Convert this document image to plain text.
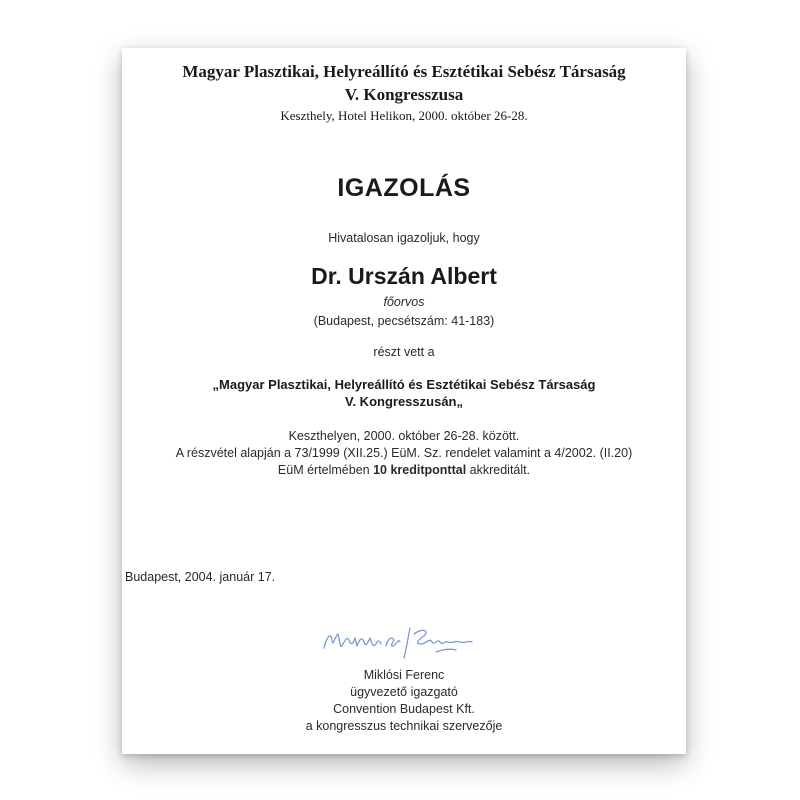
Magyar Plasztikai, Helyreállító és Esztétikai Sebész Társaság
V. Kongresszusa
Keszthely, Hotel Helikon, 2000. október 26-28.
IGAZOLÁS
Hivatalosan igazoljuk, hogy
Dr. Urszán Albert
főorvos
(Budapest, pecsétszám: 41-183)
részt vett a
„Magyar Plasztikai, Helyreállító és Esztétikai Sebész Társaság
V. Kongresszusán„
Keszthelyen, 2000. október 26-28. között.
A részvétel alapján a 73/1999 (XII.25.) EüM. Sz. rendelet valamint a 4/2002. (II.20)
EüM értelmében 10 kreditponttal akkreditált.
Budapest, 2004. január 17.
Miklósi Ferenc
ügyvezető igazgató
Convention Budapest Kft.
a kongresszus technikai szervezője
